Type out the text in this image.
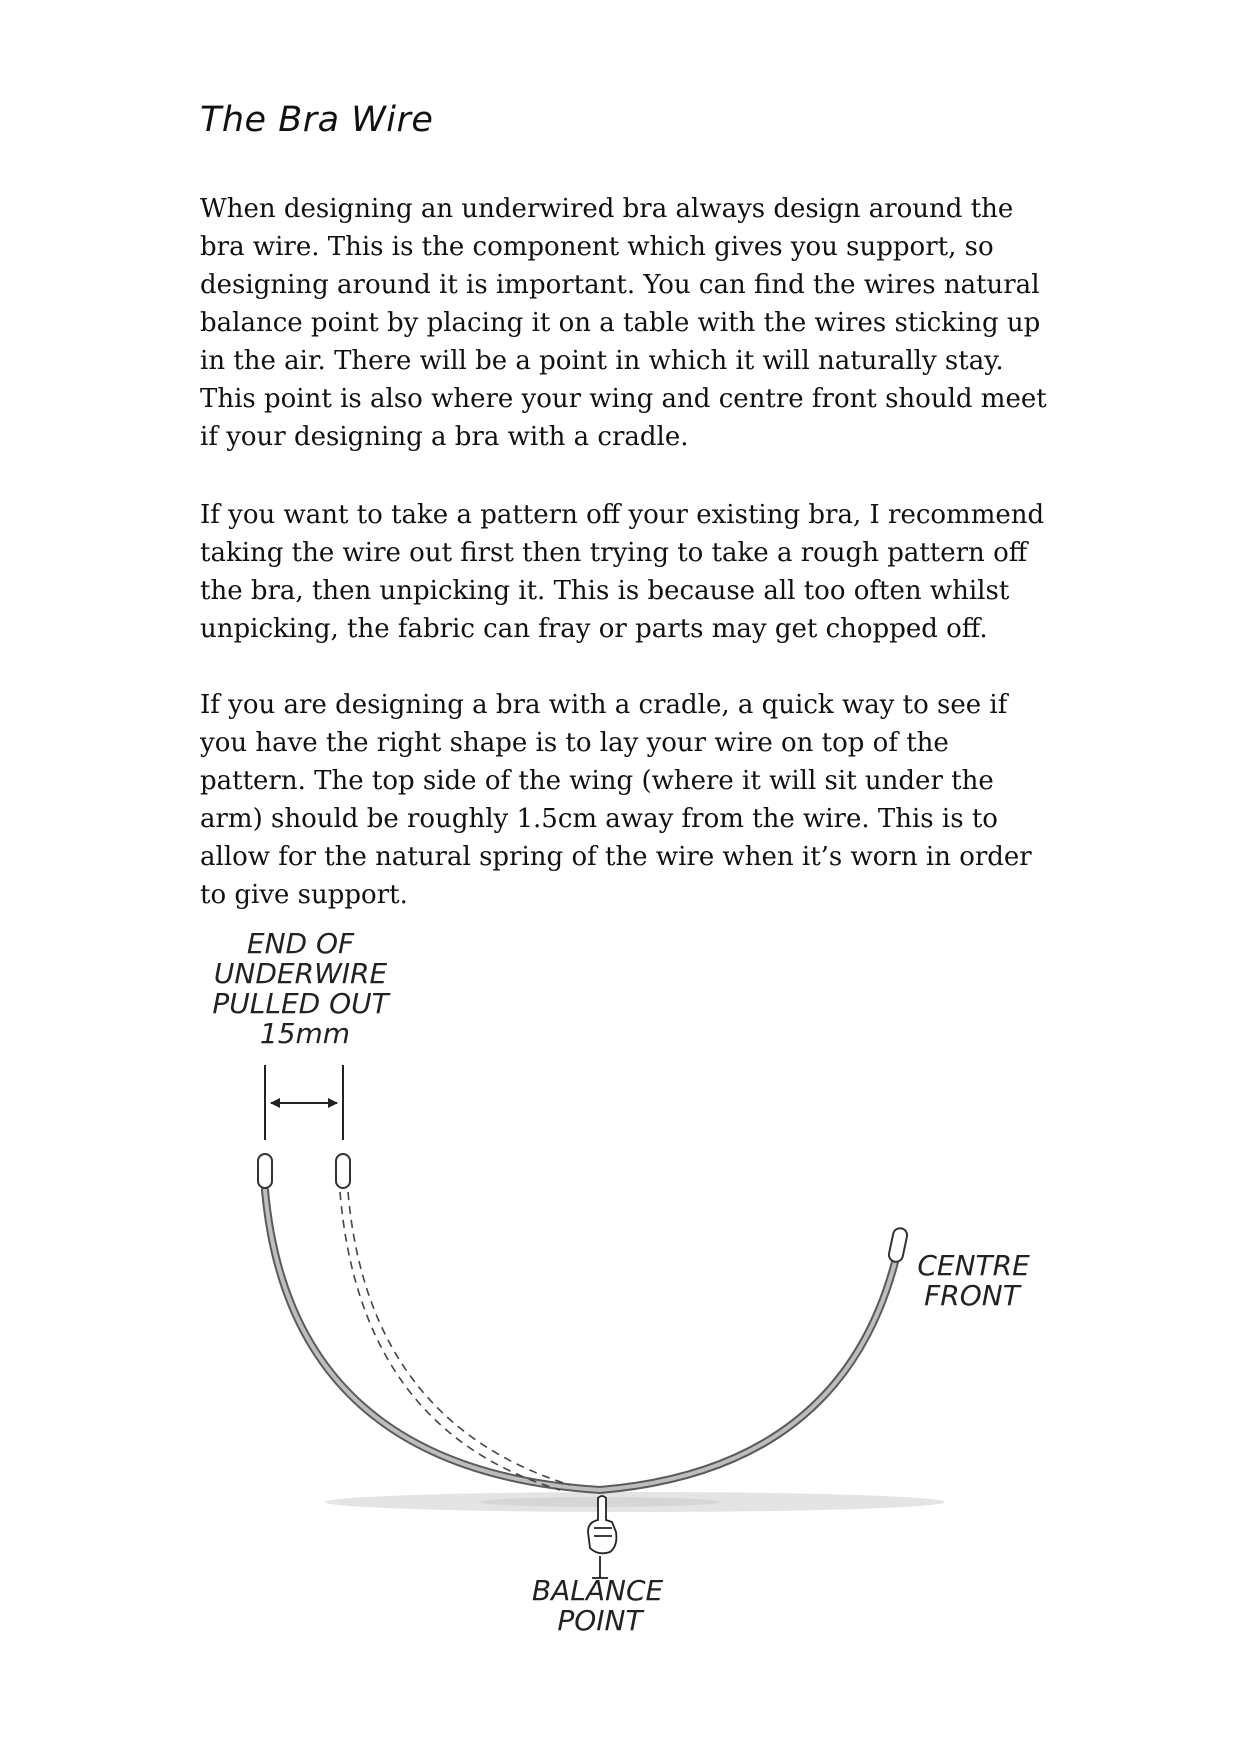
The Bra Wire

When designing an underwired bra always design around the bra wire. This is the component which gives you support, so designing around it is important. You can find the wires natural balance point by placing it on a table with the wires sticking up in the air. There will be a point in which it will naturally stay. This point is also where your wing and centre front should meet if your designing a bra with a cradle.

If you want to take a pattern off your existing bra, I recommend taking the wire out first then trying to take a rough pattern off the bra, then unpicking it. This is because all too often whilst unpicking, the fabric can fray or parts may get chopped off.

If you are designing a bra with a cradle, a quick way to see if you have the right shape is to lay your wire on top of the pattern. The top side of the wing (where it will sit under the arm) should be roughly 1.5cm away from the wire. This is to allow for the natural spring of the wire when it’s worn in order to give support.

END OF UNDERWIRE PULLED OUT 15mm
CENTRE FRONT
BALANCE POINT
